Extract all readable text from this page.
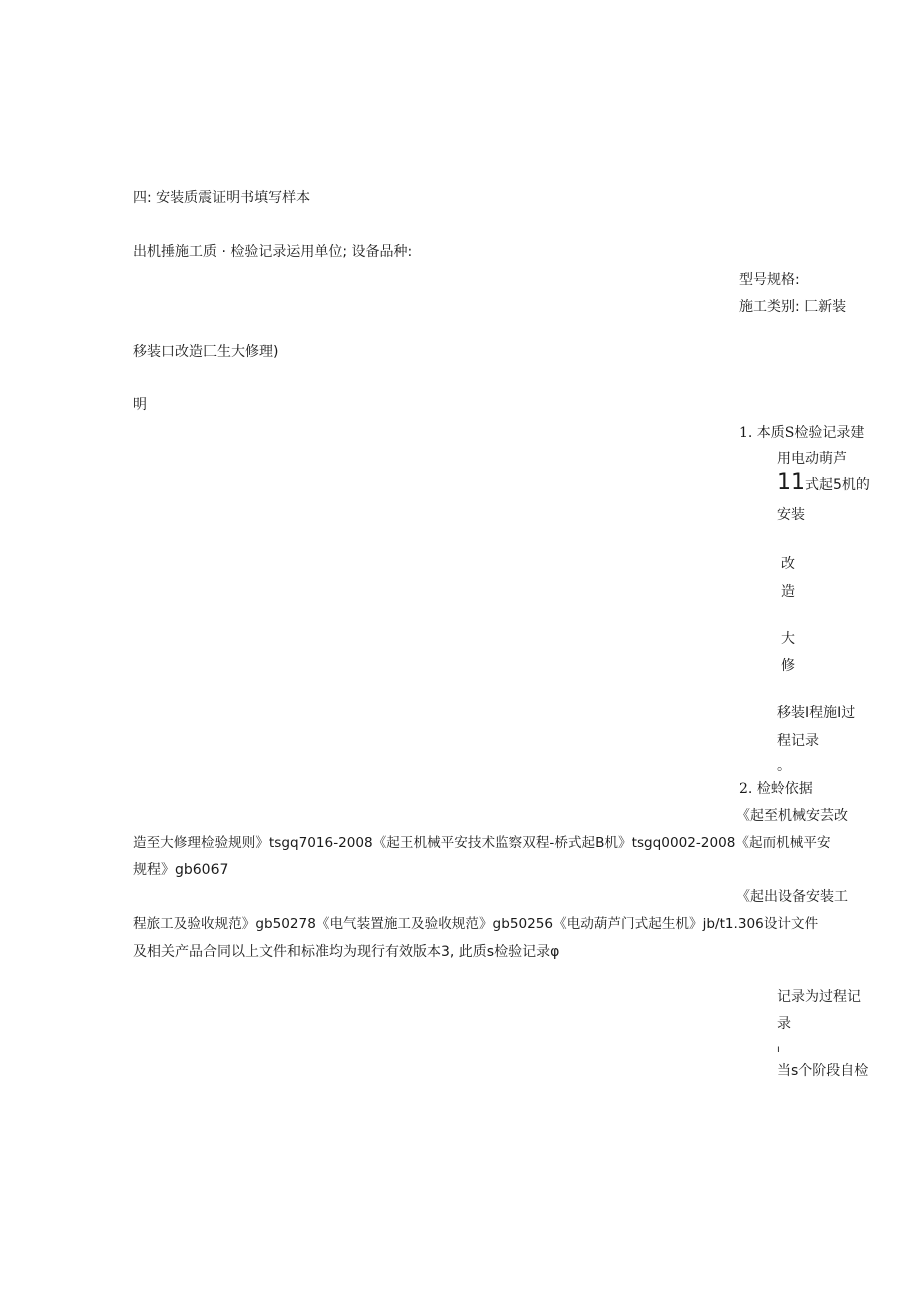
四: 安装质震证明书填写样本
出机捶施工质 · 检验记录运用单位; 设备品种:
型号规格:
施工类别: 匚新装
移装口改造匚生大修理)
明
1. 本质S检验记录建
用电动萌芦
11式起5机的
安装
改
造
大
修
移装I程施I过
程记录
。
2. 检蛉依据
《起至机械安芸改
造至大修理检验规则》tsgq7016-2008《起王机械平安技术监察双程-桥式起B机》tsgq0002-2008《起而机械平安
规程》gb6067
《起出设备安装工
程旅工及验收规范》gb50278《电气装置施工及验收规范》gb50256《电动葫芦门式起生机》jb/t1.306设计文件
及相关产品合同以上文件和标准均为现行有效版本3, 此质s检验记录φ
记录为过程记
录
ı
当s个阶段自检
